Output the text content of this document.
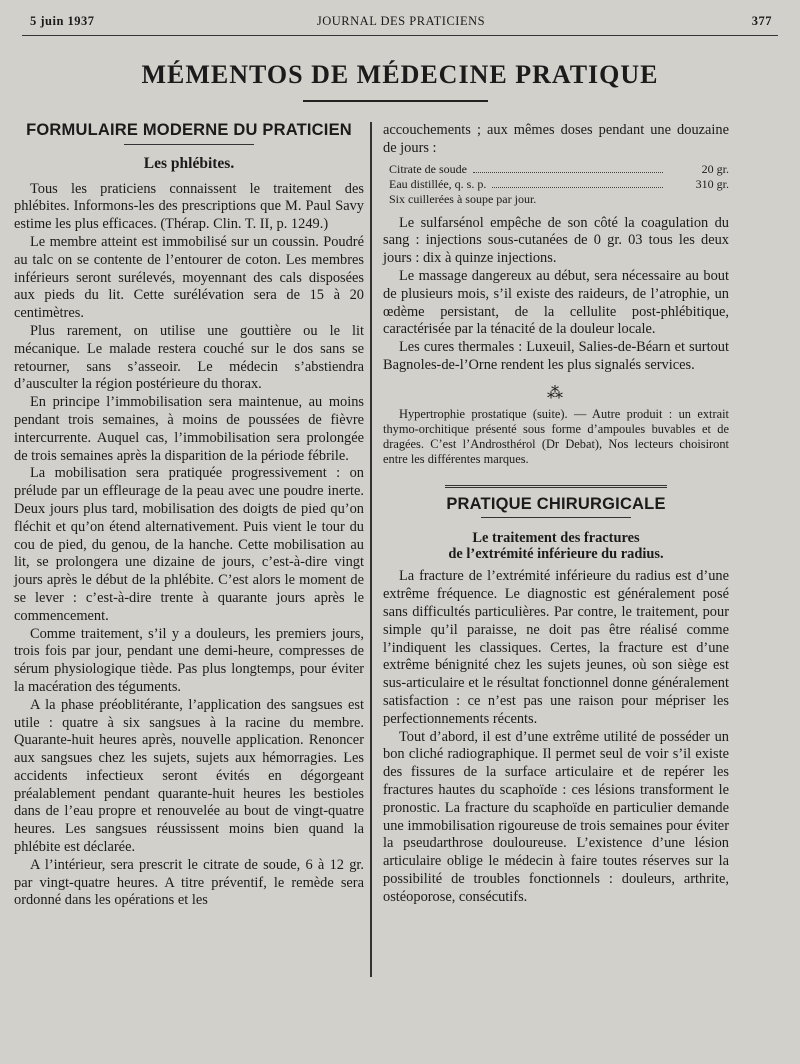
5 juin 1937	JOURNAL DES PRATICIENS	377
MÉMENTOS DE MÉDECINE PRATIQUE
FORMULAIRE MODERNE DU PRATICIEN
Les phlébites.

Tous les praticiens connaissent le traitement des phlébites. Informons-les des prescriptions que M. Paul Savy estime les plus efficaces. (Thérap. Clin. T. II, p. 1249.)

Le membre atteint est immobilisé sur un coussin. Poudré au talc on se contente de l’entourer de coton. Les membres inférieurs seront surélevés, moyennant des cals disposées aux pieds du lit. Cette surélévation sera de 15 à 20 centimètres.

Plus rarement, on utilise une gouttière ou le lit mécanique. Le malade restera couché sur le dos sans se retourner, sans s’asseoir. Le médecin s’abstiendra d’ausculter la région postérieure du thorax.

En principe l’immobilisation sera maintenue, au moins pendant trois semaines, à moins de poussées de fièvre intercurrente. Auquel cas, l’immobilisation sera prolongée de trois semaines après la disparition de la période fébrile.

La mobilisation sera pratiquée progressivement : on prélude par un effleurage de la peau avec une poudre inerte. Deux jours plus tard, mobilisation des doigts de pied qu’on fléchit et qu’on étend alternativement. Puis vient le tour du cou de pied, du genou, de la hanche. Cette mobilisation au lit, se prolongera une dizaine de jours, c’est-à-dire vingt jours après le début de la phlébite. C’est alors le moment de se lever : c’est-à-dire trente à quarante jours après le commencement.

Comme traitement, s’il y a douleurs, les premiers jours, trois fois par jour, pendant une demi-heure, compresses de sérum physiologique tiède. Pas plus longtemps, pour éviter la macération des téguments.

A la phase préoblitérante, l’application des sangsues est utile : quatre à six sangsues à la racine du membre. Quarante-huit heures après, nouvelle application. Renoncer aux sangsues chez les sujets, sujets aux hémorragies. Les accidents infectieux seront évités en dégorgeant préalablement pendant quarante-huit heures les bestioles dans de l’eau propre et renouvelée au bout de vingt-quatre heures. Les sangsues réussissent moins bien quand la phlébite est déclarée.

A l’intérieur, sera prescrit le citrate de soude, 6 à 12 gr. par vingt-quatre heures. A titre préventif, le remède sera ordonné dans les opérations et les

accouchements ; aux mêmes doses pendant une douzaine de jours :

Citrate de soude	20 gr.
Eau distillée, q. s. p.	310 gr.
Six cuillerées à soupe par jour.

Le sulfarsénol empêche de son côté la coagulation du sang : injections sous-cutanées de 0 gr. 03 tous les deux jours : dix à quinze injections.

Le massage dangereux au début, sera nécessaire au bout de plusieurs mois, s’il existe des raideurs, de l’atrophie, un œdème persistant, de la cellulite post-phlébitique, caractérisée par la ténacité de la douleur locale.

Les cures thermales : Luxeuil, Salies-de-Béarn et surtout Bagnoles-de-l’Orne rendent les plus signalés services.

⁂

Hypertrophie prostatique (suite). — Autre produit : un extrait thymo-orchitique présenté sous forme d’ampoules buvables et de dragées. C’est l’Androsthérol (Dr Debat), Nos lecteurs choisiront entre les différentes marques.

PRATIQUE CHIRURGICALE
Le traitement des fractures
de l’extrémité inférieure du radius.

La fracture de l’extrémité inférieure du radius est d’une extrême fréquence. Le diagnostic est généralement posé sans difficultés particulières. Par contre, le traitement, pour simple qu’il paraisse, ne doit pas être réalisé comme l’indiquent les classiques. Certes, la fracture est d’une extrême bénignité chez les sujets jeunes, où son siège est sus-articulaire et le résultat fonctionnel donne généralement satisfaction : ce n’est pas une raison pour mépriser les perfectionnements récents.

Tout d’abord, il est d’une extrême utilité de posséder un bon cliché radiographique. Il permet seul de voir s’il existe des fissures de la surface articulaire et de repérer les fractures hautes du scaphoïde : ces lésions transforment le pronostic. La fracture du scaphoïde en particulier demande une immobilisation rigoureuse de trois semaines pour éviter la pseudarthrose douloureuse. L’existence d’une lésion articulaire oblige le médecin à faire toutes réserves sur la possibilité de troubles fonctionnels : douleurs, arthrite, ostéoporose, consécutifs.
